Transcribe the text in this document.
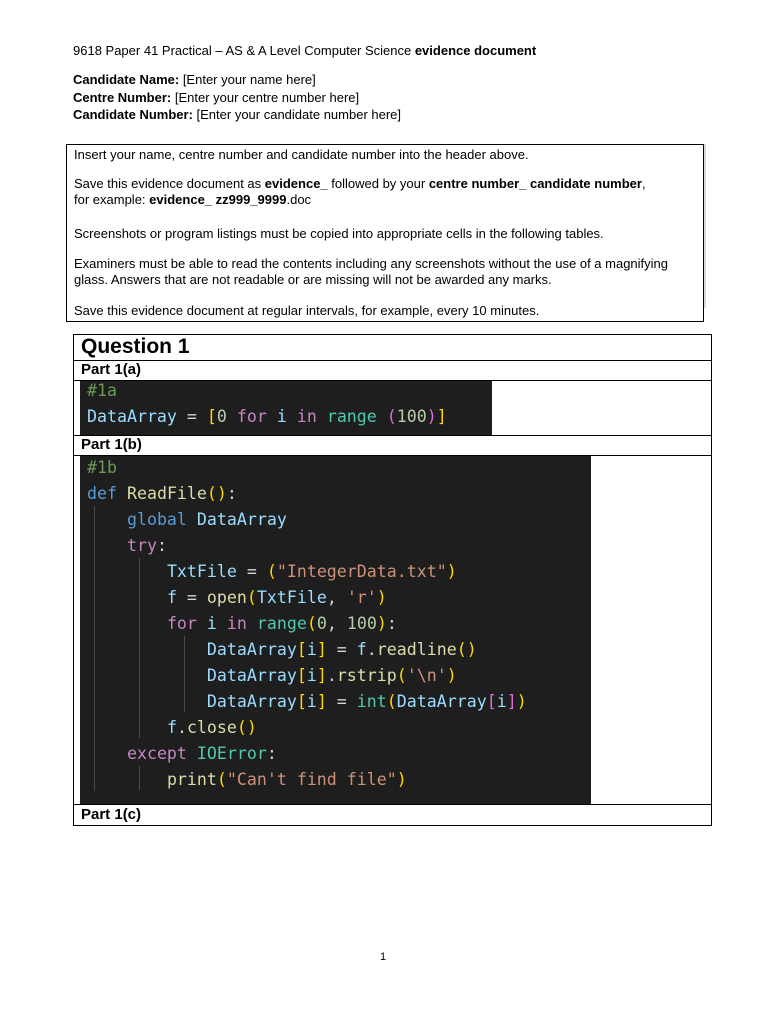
9618 Paper 41 Practical – AS & A Level Computer Science evidence document
Candidate Name: [Enter your name here]
Centre Number: [Enter your centre number here]
Candidate Number: [Enter your candidate number here]
Insert your name, centre number and candidate number into the header above.
Save this evidence document as evidence_ followed by your centre number_ candidate number,
for example: evidence_ zz999_9999.doc
Screenshots or program listings must be copied into appropriate cells in the following tables.
Examiners must be able to read the contents including any screenshots without the use of a magnifying glass. Answers that are not readable or are missing will not be awarded any marks.
Save this evidence document at regular intervals, for example, every 10 minutes.
Question 1
Part 1(a)

#1a

DataArray = [0 for i in range (100)]

Part 1(b)

#1b

def ReadFile():

global DataArray

try:

TxtFile = ("IntegerData.txt")

f = open(TxtFile, 'r')

for i in range(0, 100):

DataArray[i] = f.readline()

DataArray[i].rstrip('\n')

DataArray[i] = int(DataArray[i])

f.close()

except IOError:

print("Can't find file")

Part 1(c)
1
